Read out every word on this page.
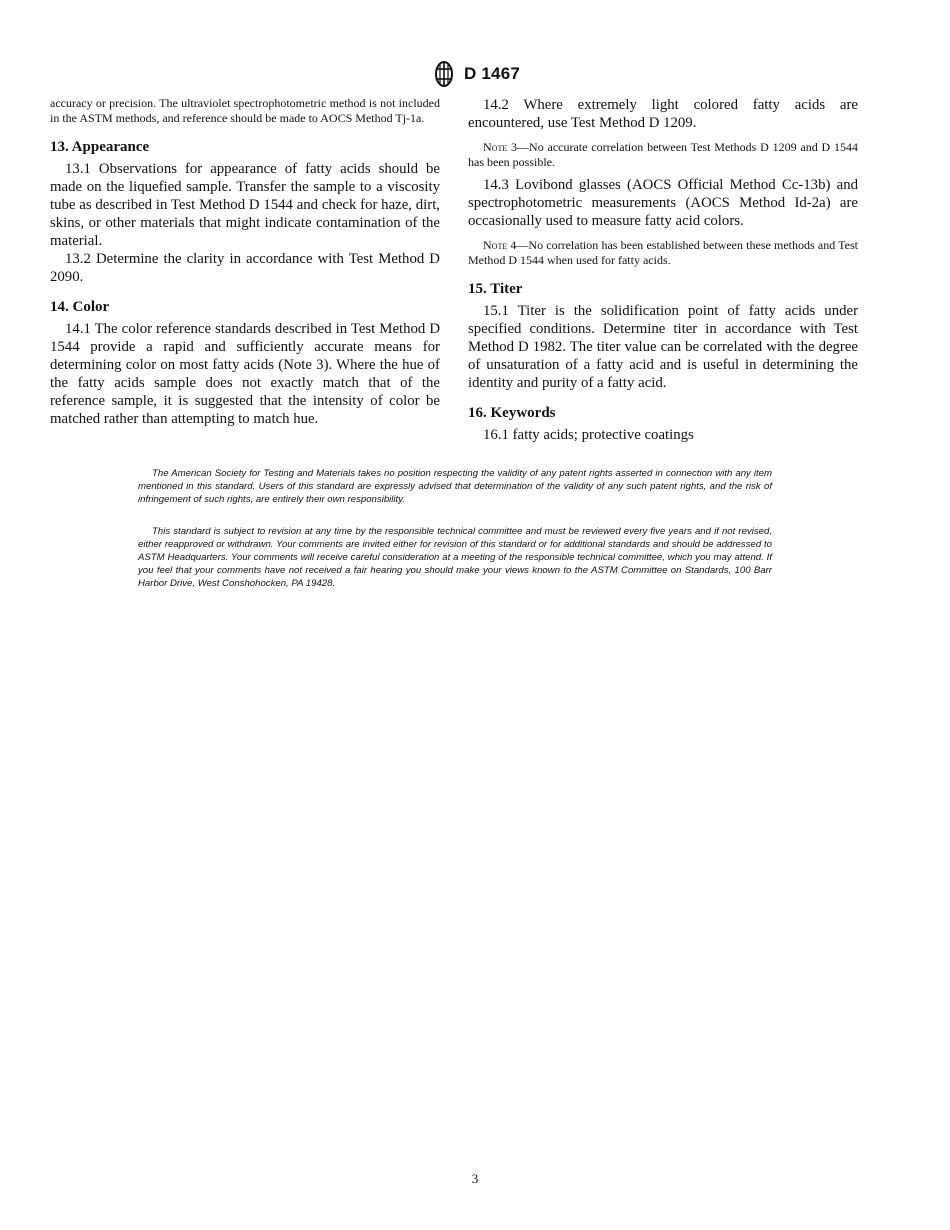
D 1467

accuracy or precision. The ultraviolet spectrophotometric method is not included in the ASTM methods, and reference should be made to AOCS Method Tj-1a.

13. Appearance

13.1 Observations for appearance of fatty acids should be made on the liquefied sample. Transfer the sample to a viscosity tube as described in Test Method D 1544 and check for haze, dirt, skins, or other materials that might indicate contamination of the material.

13.2 Determine the clarity in accordance with Test Method D 2090.

14. Color

14.1 The color reference standards described in Test Method D 1544 provide a rapid and sufficiently accurate means for determining color on most fatty acids (Note 3). Where the hue of the fatty acids sample does not exactly match that of the reference sample, it is suggested that the intensity of color be matched rather than attempting to match hue.

14.2 Where extremely light colored fatty acids are encountered, use Test Method D 1209.

Note 3—No accurate correlation between Test Methods D 1209 and D 1544 has been possible.

14.3 Lovibond glasses (AOCS Official Method Cc-13b) and spectrophotometric measurements (AOCS Method Id-2a) are occasionally used to measure fatty acid colors.

Note 4—No correlation has been established between these methods and Test Method D 1544 when used for fatty acids.

15. Titer

15.1 Titer is the solidification point of fatty acids under specified conditions. Determine titer in accordance with Test Method D 1982. The titer value can be correlated with the degree of unsaturation of a fatty acid and is useful in determining the identity and purity of a fatty acid.

16. Keywords

16.1 fatty acids; protective coatings

The American Society for Testing and Materials takes no position respecting the validity of any patent rights asserted in connection with any item mentioned in this standard. Users of this standard are expressly advised that determination of the validity of any such patent rights, and the risk of infringement of such rights, are entirely their own responsibility.

This standard is subject to revision at any time by the responsible technical committee and must be reviewed every five years and if not revised, either reapproved or withdrawn. Your comments are invited either for revision of this standard or for additional standards and should be addressed to ASTM Headquarters. Your comments will receive careful consideration at a meeting of the responsible technical committee, which you may attend. If you feel that your comments have not received a fair hearing you should make your views known to the ASTM Committee on Standards, 100 Barr Harbor Drive, West Conshohocken, PA 19428.

3
